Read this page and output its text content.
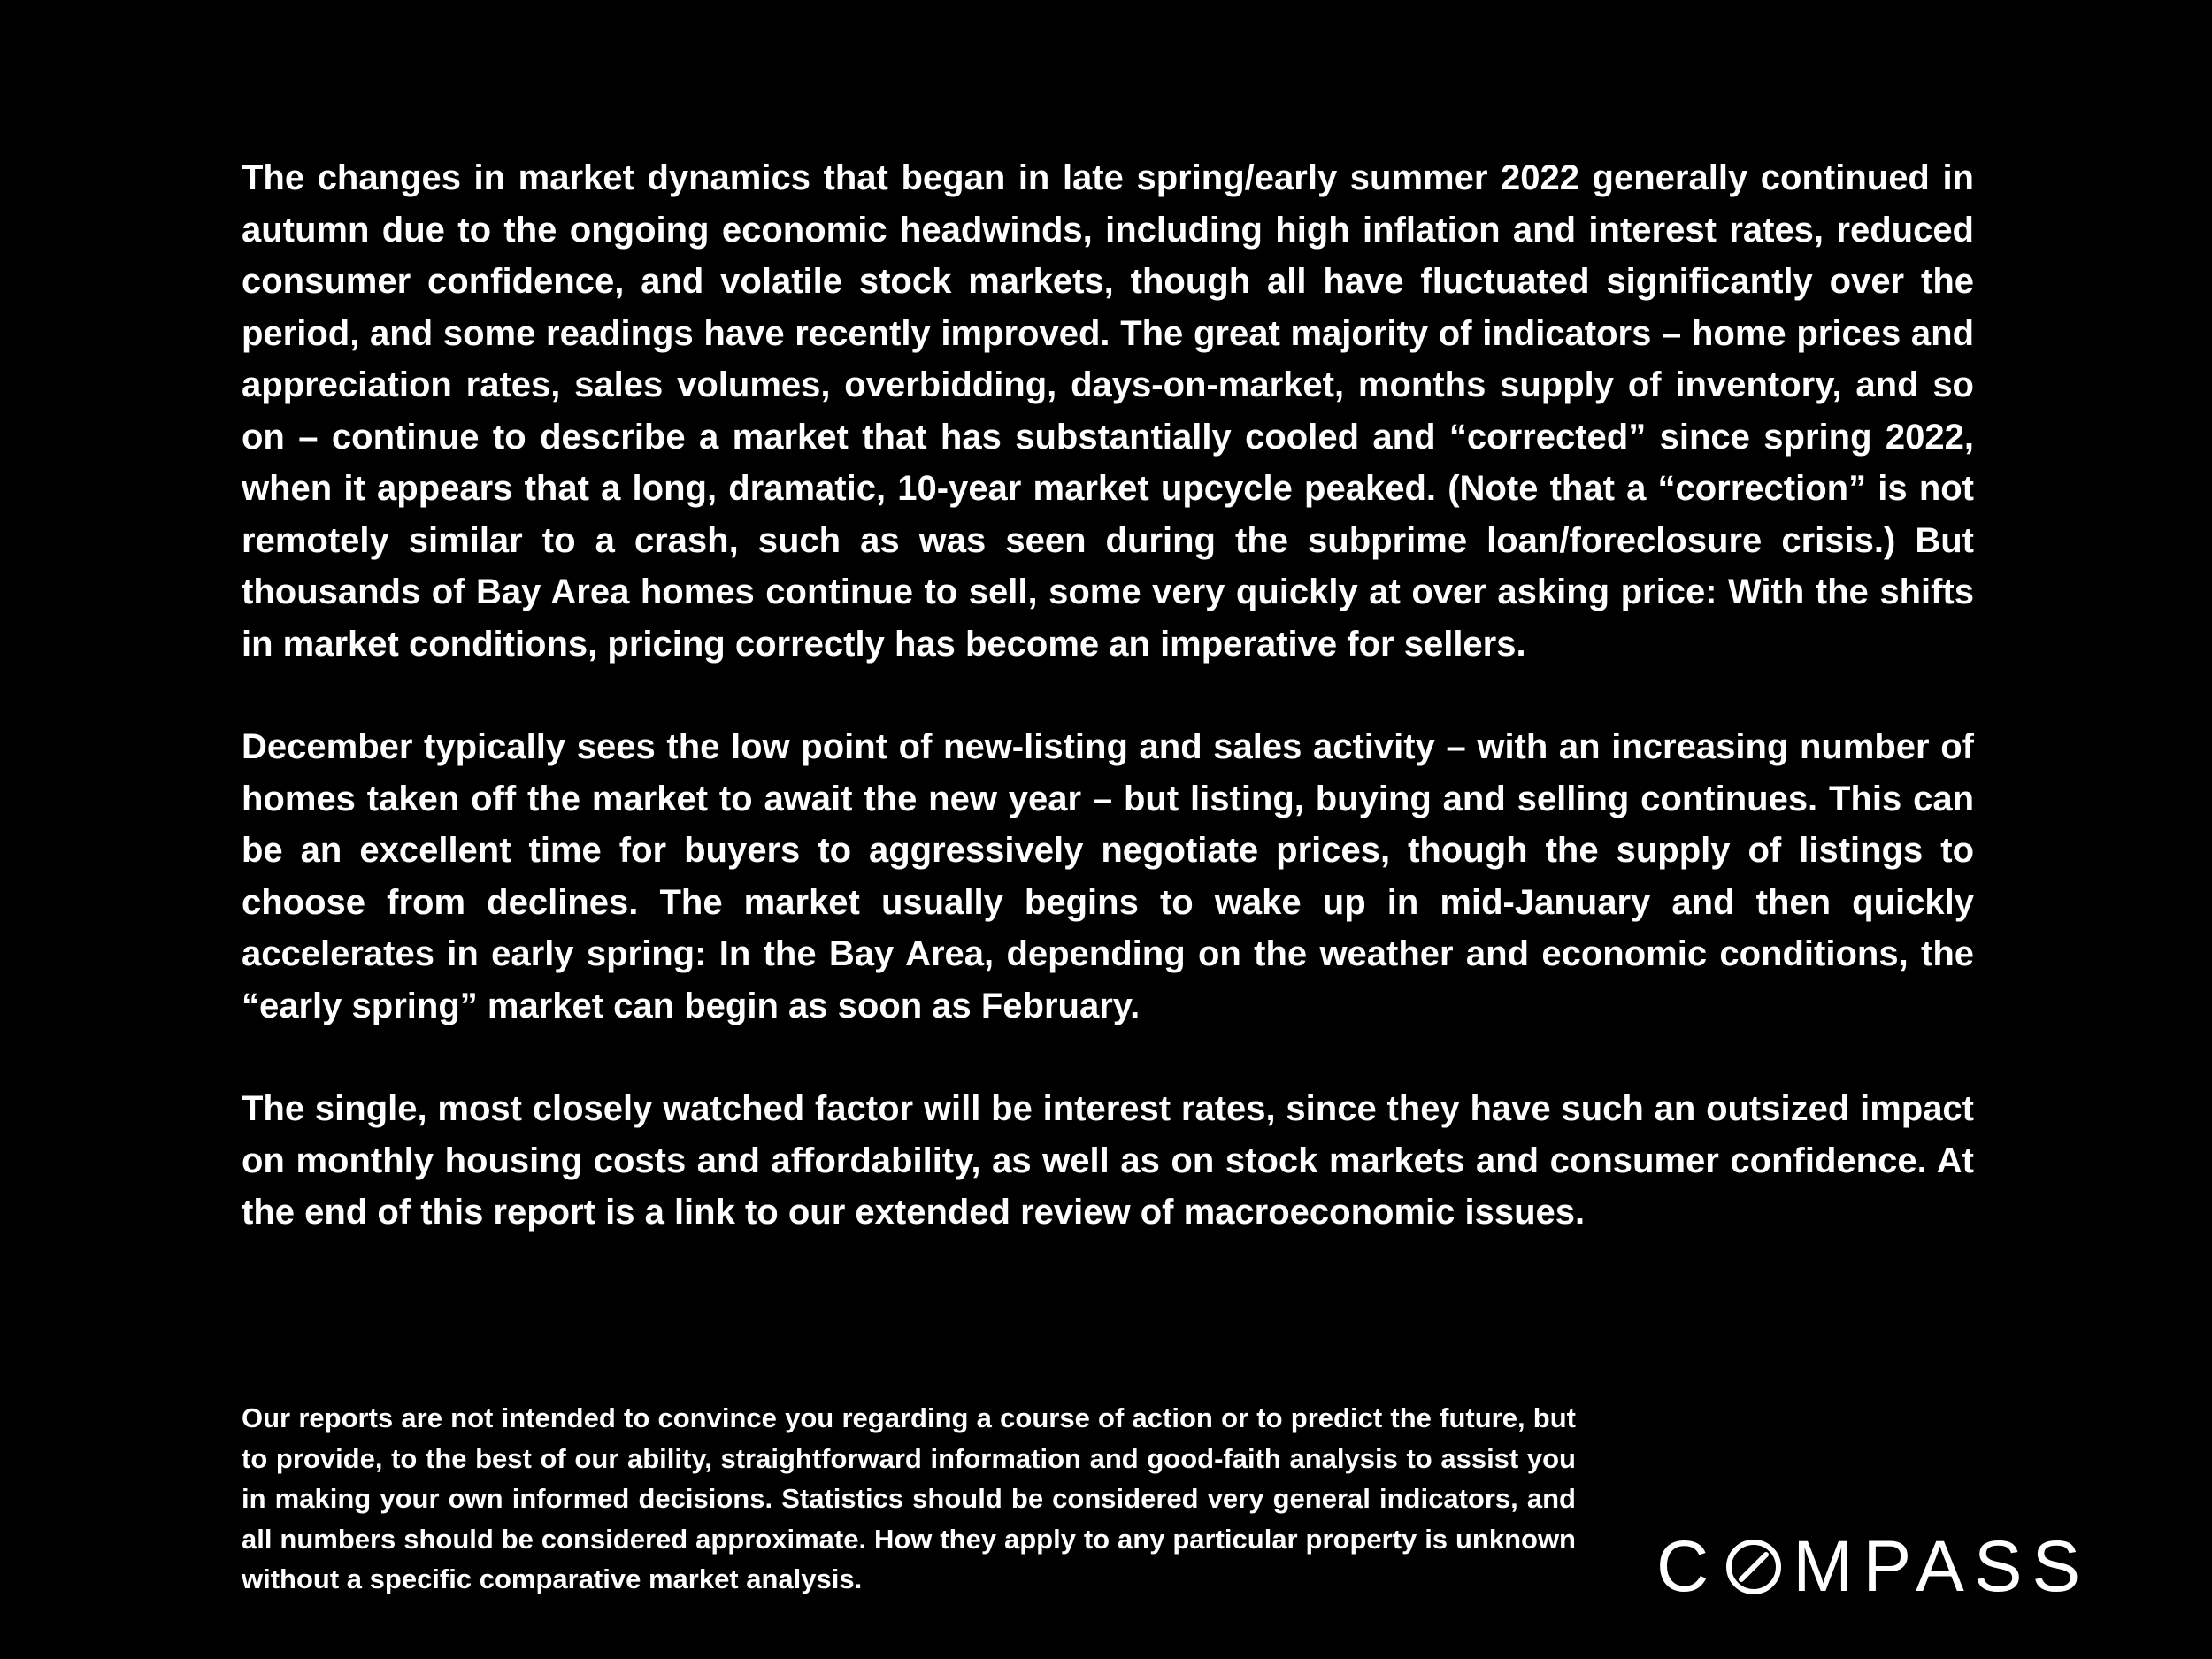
The changes in market dynamics that began in late spring/early summer 2022 generally continued in autumn due to the ongoing economic headwinds, including high inflation and interest rates, reduced consumer confidence, and volatile stock markets, though all have fluctuated significantly over the period, and some readings have recently improved. The great majority of indicators – home prices and appreciation rates, sales volumes, overbidding, days-on-market, months supply of inventory, and so on – continue to describe a market that has substantially cooled and “corrected” since spring 2022, when it appears that a long, dramatic, 10-year market upcycle peaked. (Note that a “correction” is not remotely similar to a crash, such as was seen during the subprime loan/foreclosure crisis.) But thousands of Bay Area homes continue to sell, some very quickly at over asking price: With the shifts in market conditions, pricing correctly has become an imperative for sellers.

December typically sees the low point of new-listing and sales activity – with an increasing number of homes taken off the market to await the new year – but listing, buying and selling continues. This can be an excellent time for buyers to aggressively negotiate prices, though the supply of listings to choose from declines. The market usually begins to wake up in mid-January and then quickly accelerates in early spring: In the Bay Area, depending on the weather and economic conditions, the “early spring” market can begin as soon as February.

The single, most closely watched factor will be interest rates, since they have such an outsized impact on monthly housing costs and affordability, as well as on stock markets and consumer confidence. At the end of this report is a link to our extended review of macroeconomic issues.

Our reports are not intended to convince you regarding a course of action or to predict the future, but to provide, to the best of our ability, straightforward information and good-faith analysis to assist you in making your own informed decisions. Statistics should be considered very general indicators, and all numbers should be considered approximate. How they apply to any particular property is unknown without a specific comparative market analysis.	C MPASS
